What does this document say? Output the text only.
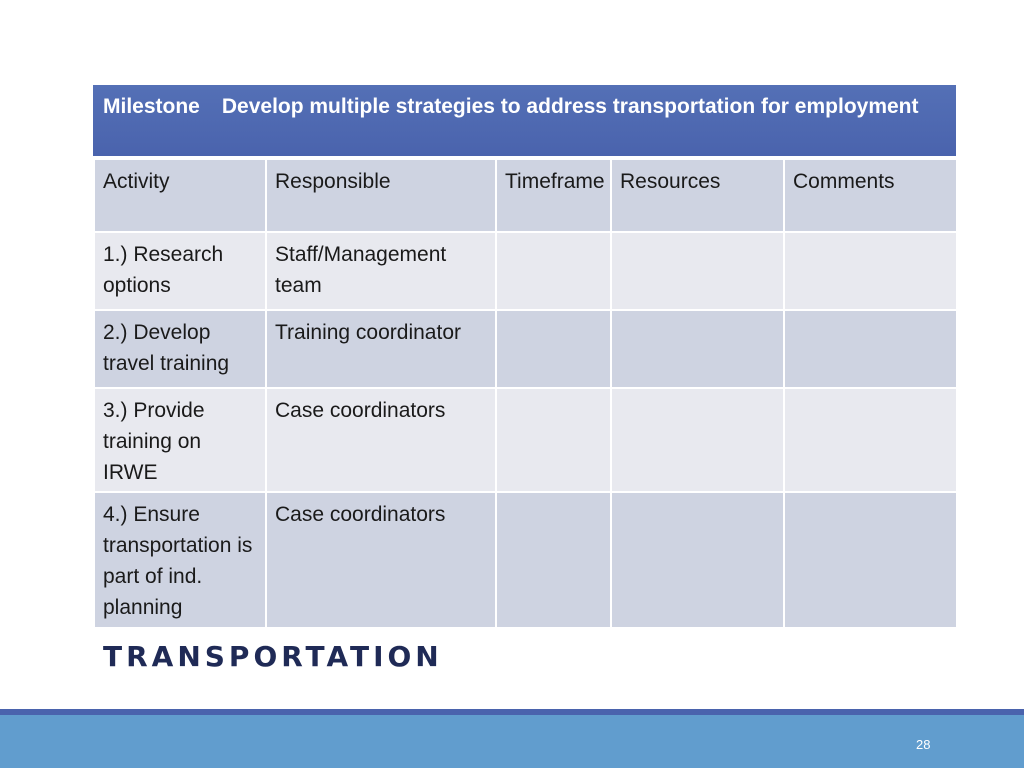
Milestone Develop multiple strategies to address transportation for employment
Activity	Responsible	Timeframe	Resources	Comments
1.) Research options	Staff/Management team			
2.) Develop travel training	Training coordinator			
3.) Provide training on IRWE	Case coordinators			
4.) Ensure transportation is part of ind. planning	Case coordinators			
TRANSPORTATION
28
